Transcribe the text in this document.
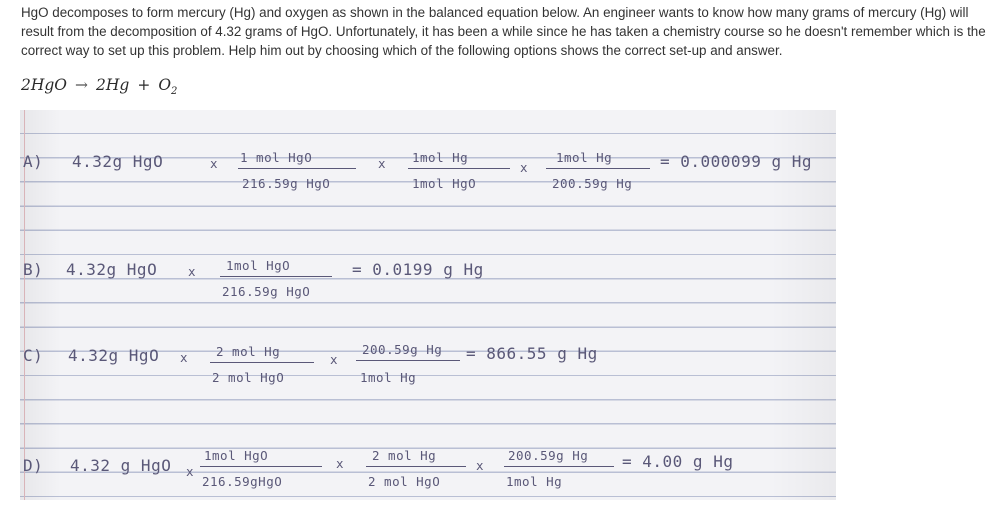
HgO decomposes to form mercury (Hg) and oxygen as shown in the balanced equation below. An engineer wants to know how many grams of mercury (Hg) will result from the decomposition of 4.32 grams of HgO. Unfortunately, it has been a while since he has taken a chemistry course so he doesn't remember which is the correct way to set up this problem. Help him out by choosing which of the following options shows the correct set-up and answer.
$2HgO \to 2Hg + O_2$
A) 4.32g HgO	x 1 mol HgO
216.59g HgO
x 1mol Hg
1mol HgO
x
1mol Hg
200.59g Hg
= 0.000099 g Hg
B) 4.32g HgO x 1mol HgO
216.59g HgO
= 0.0199 g Hg
C) 4.32g HgO x 2 mol Hg
2 mol HgO
x
200.59g Hg
1mol Hg
= 866.55 g Hg
D) 4.32 g HgO x
1mol HgO
216.59gHgO
x
2 mol Hg
2 mol HgO
x
200.59g Hg
1mol Hg
= 4.00 g Hg
